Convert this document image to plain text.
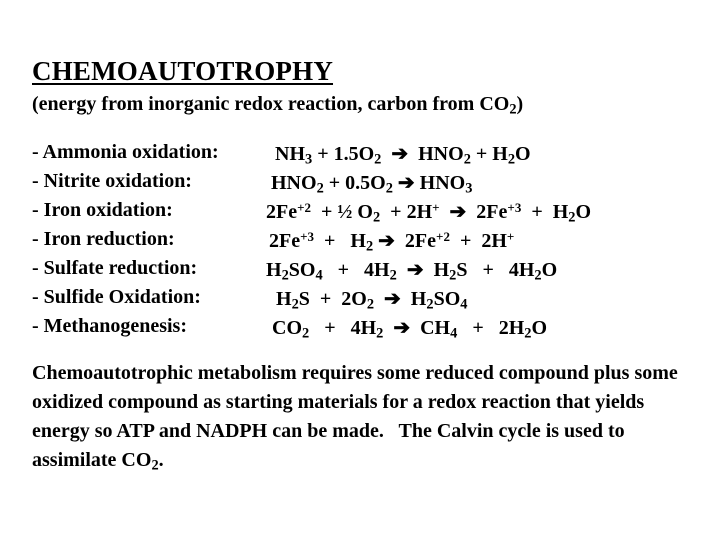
CHEMOAUTOTROPHY
(energy from inorganic redox reaction, carbon from $CO_2$)
- Ammonia oxidation:	$NH_3 + 1.5O_2$  ➔  $HNO_2 + H_2O$
- Nitrite oxidation:	$HNO_2 + 0.5O_2$ ➔ $HNO_3$
- Iron oxidation:	$2Fe^{+2}$  + ½ $O_2 + 2H^+$  ➔  $2Fe^{+3} + H_2O$
- Iron reduction:	$2Fe^{+3} + H_2$ ➔  $2Fe^{+2} + 2H^+$
- Sulfate reduction:	$H_2SO_4 + 4H_2$  ➔  $H_2S + 4H_2O$
- Sulfide Oxidation:	$H_2S + 2O_2$  ➔  $H_2SO_4$
- Methanogenesis:	$CO_2 + 4H_2$  ➔  $CH_4 + 2H_2O$
Chemoautotrophic metabolism requires some reduced compound plus some oxidized compound as starting materials for a redox reaction that yields energy so ATP and NADPH can be made.   The Calvin cycle is used to assimilate $CO_2$.
